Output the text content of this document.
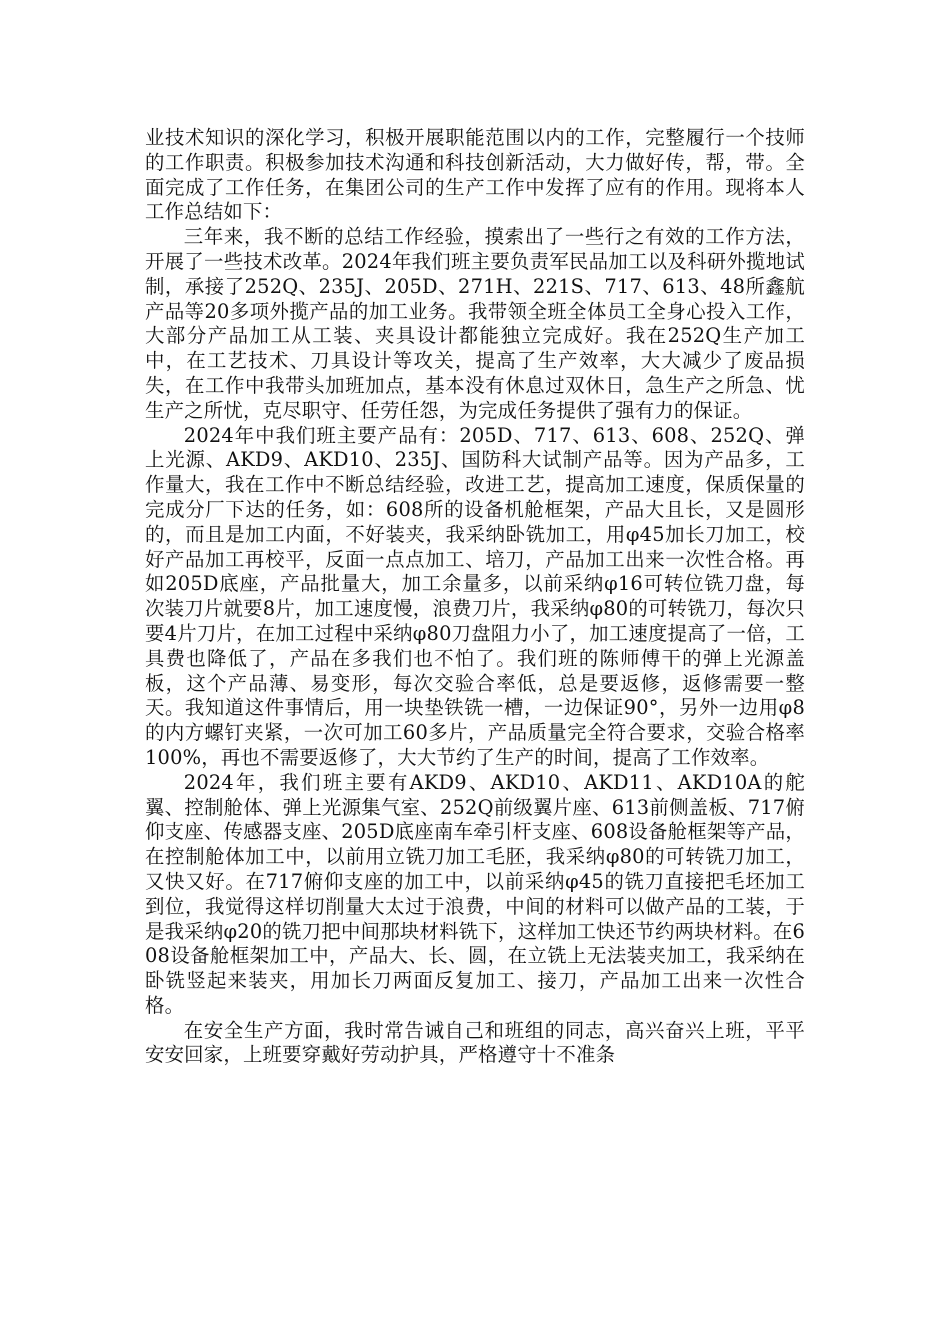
业技术知识的深化学习，积极开展职能范围以内的工作，完整履行一个技师的工作职责。积极参加技术沟通和科技创新活动，大力做好传，帮，带。全面完成了工作任务，在集团公司的生产工作中发挥了应有的作用。现将本人工作总结如下：

三年来，我不断的总结工作经验，摸索出了一些行之有效的工作方法，开展了一些技术改革。2024年我们班主要负责军民品加工以及科研外揽地试制，承接了252Q、235J、205D、271H、221S、717、613、48所鑫航产品等20多项外揽产品的加工业务。我带领全班全体员工全身心投入工作，大部分产品加工从工装、夹具设计都能独立完成好。我在252Q生产加工中，在工艺技术、刀具设计等攻关，提高了生产效率，大大减少了废品损失，在工作中我带头加班加点，基本没有休息过双休日，急生产之所急、忧生产之所忧，克尽职守、任劳任怨，为完成任务提供了强有力的保证。

2024年中我们班主要产品有：205D、717、613、608、252Q、弹上光源、AKD9、AKD10、235J、国防科大试制产品等。因为产品多，工作量大，我在工作中不断总结经验，改进工艺，提高加工速度，保质保量的完成分厂下达的任务，如：608所的设备机舱框架，产品大且长，又是圆形的，而且是加工内面，不好装夹，我采纳卧铣加工，用φ45加长刀加工，校好产品加工再校平，反面一点点加工、培刀，产品加工出来一次性合格。再如205D底座，产品批量大，加工余量多，以前采纳φ16可转位铣刀盘，每次装刀片就要8片，加工速度慢，浪费刀片，我采纳φ80的可转铣刀，每次只要4片刀片，在加工过程中采纳φ80刀盘阻力小了，加工速度提高了一倍，工具费也降低了，产品在多我们也不怕了。我们班的陈师傅干的弹上光源盖板，这个产品薄、易变形，每次交验合率低，总是要返修，返修需要一整天。我知道这件事情后，用一块垫铁铣一槽，一边保证90°，另外一边用φ8的内方螺钉夹紧，一次可加工60多片，产品质量完全符合要求，交验合格率100%，再也不需要返修了，大大节约了生产的时间，提高了工作效率。

2024年，我们班主要有AKD9、AKD10、AKD11、AKD10A的舵翼、控制舱体、弹上光源集气室、252Q前级翼片座、613前侧盖板、717俯仰支座、传感器支座、205D底座南车牵引杆支座、608设备舱框架等产品，在控制舱体加工中，以前用立铣刀加工毛胚，我采纳φ80的可转铣刀加工，又快又好。在717俯仰支座的加工中，以前采纳φ45的铣刀直接把毛坯加工到位，我觉得这样切削量大太过于浪费，中间的材料可以做产品的工装，于是我采纳φ20的铣刀把中间那块材料铣下，这样加工快还节约两块材料。在608设备舱框架加工中，产品大、长、圆，在立铣上无法装夹加工，我采纳在卧铣竖起来装夹，用加长刀两面反复加工、接刀，产品加工出来一次性合格。

在安全生产方面，我时常告诫自己和班组的同志，高兴奋兴上班，平平安安回家，上班要穿戴好劳动护具，严格遵守十不准条
